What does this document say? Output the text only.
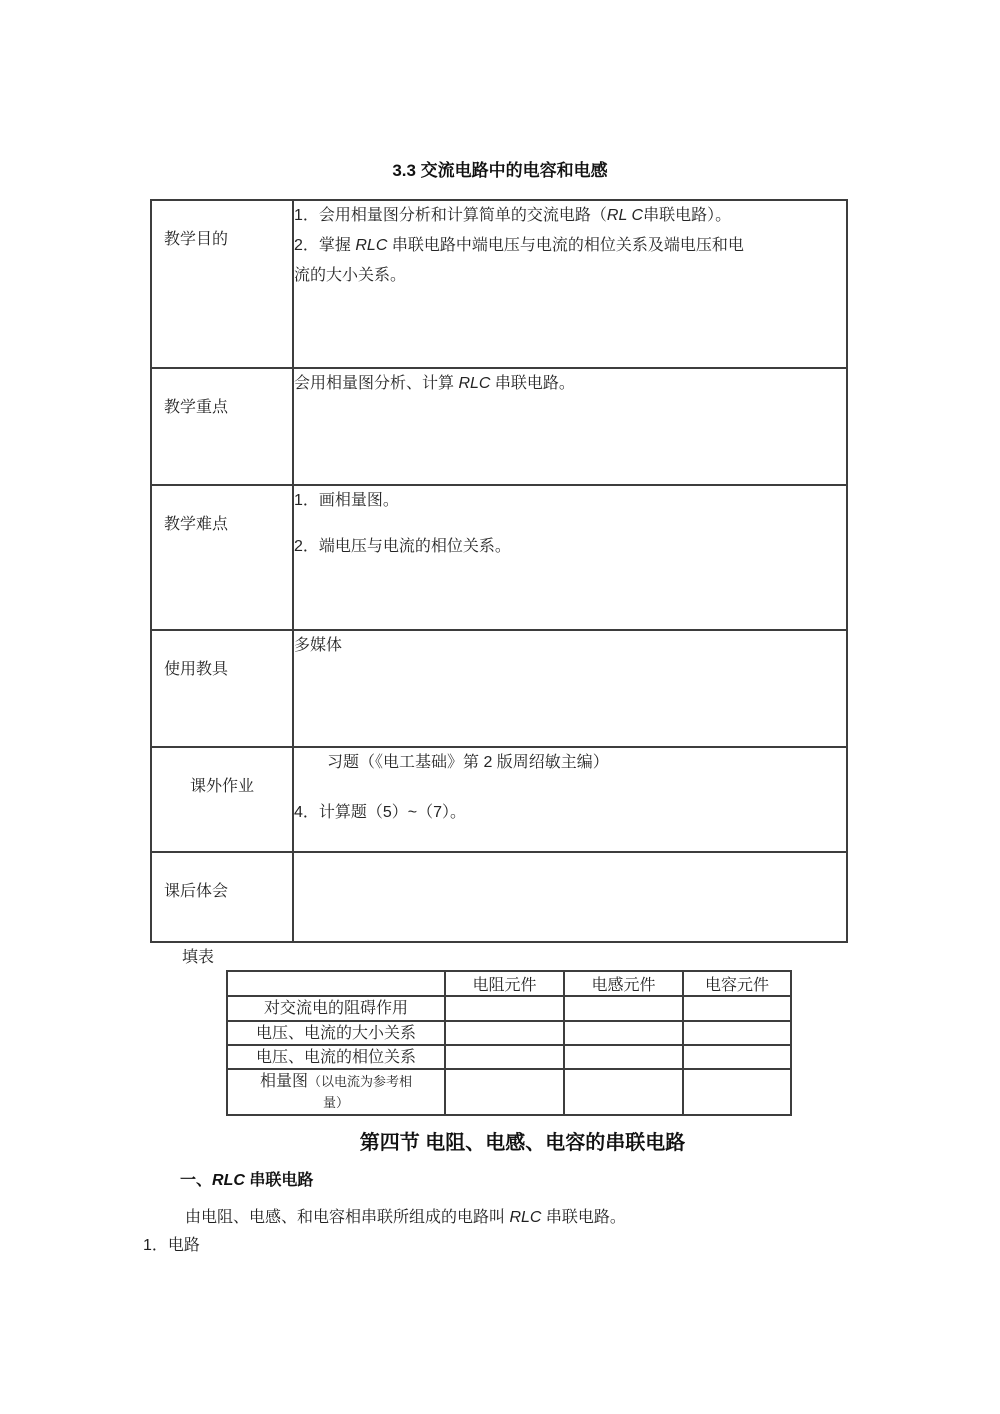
3.3 交流电路中的电容和电感
教学目的	1．会用相量图分析和计算简单的交流电路（RL C串联电路）。
2．掌握 RLC 串联电路中端电压与电流的相位关系及端电压和电
流的大小关系。

教学重点	会用相量图分析、计算 RLC 串联电路。

教学难点	1．画相量图。
2．端电压与电流的相位关系。

使用教具	多媒体

课外作业	习题（《电工基础》第 2 版周绍敏主编）
4．计算题（5）~（7）。

课后体会	
填表
	电阻元件	电感元件	电容元件

对交流电的阻碍作用			

电压、电流的大小关系			

电压、电流的相位关系			

相量图（以电流为参考相
量）			

第四节 电阻、电感、电容的串联电路
一、RLC 串联电路
由电阻、电感、和电容相串联所组成的电路叫 RLC 串联电路。
1．电路
